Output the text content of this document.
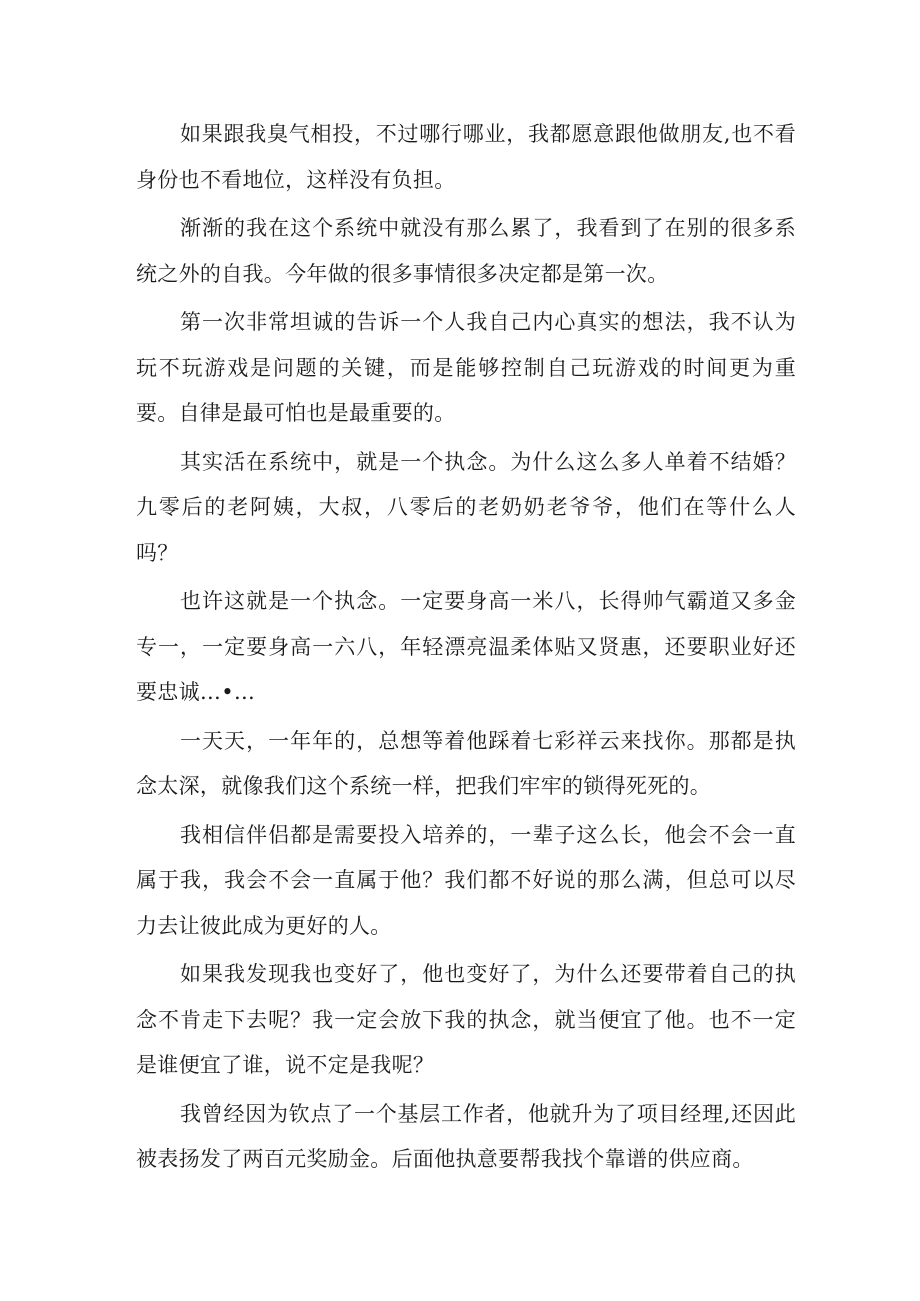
如果跟我臭气相投，不过哪行哪业，我都愿意跟他做朋友,也不看身份也不看地位，这样没有负担。

渐渐的我在这个系统中就没有那么累了，我看到了在别的很多系统之外的自我。今年做的很多事情很多决定都是第一次。

第一次非常坦诚的告诉一个人我自己内心真实的想法，我不认为玩不玩游戏是问题的关键，而是能够控制自己玩游戏的时间更为重要。自律是最可怕也是最重要的。

其实活在系统中，就是一个执念。为什么这么多人单着不结婚？九零后的老阿姨，大叔，八零后的老奶奶老爷爷，他们在等什么人吗？

也许这就是一个执念。一定要身高一米八，长得帅气霸道又多金专一，一定要身高一六八，年轻漂亮温柔体贴又贤惠，还要职业好还要忠诚…•…

一天天，一年年的，总想等着他踩着七彩祥云来找你。那都是执念太深，就像我们这个系统一样，把我们牢牢的锁得死死的。

我相信伴侣都是需要投入培养的，一辈子这么长，他会不会一直属于我，我会不会一直属于他？我们都不好说的那么满，但总可以尽力去让彼此成为更好的人。

如果我发现我也变好了，他也变好了，为什么还要带着自己的执念不肯走下去呢？我一定会放下我的执念，就当便宜了他。也不一定是谁便宜了谁，说不定是我呢？

我曾经因为钦点了一个基层工作者，他就升为了项目经理,还因此被表扬发了两百元奖励金。后面他执意要帮我找个靠谱的供应商。
